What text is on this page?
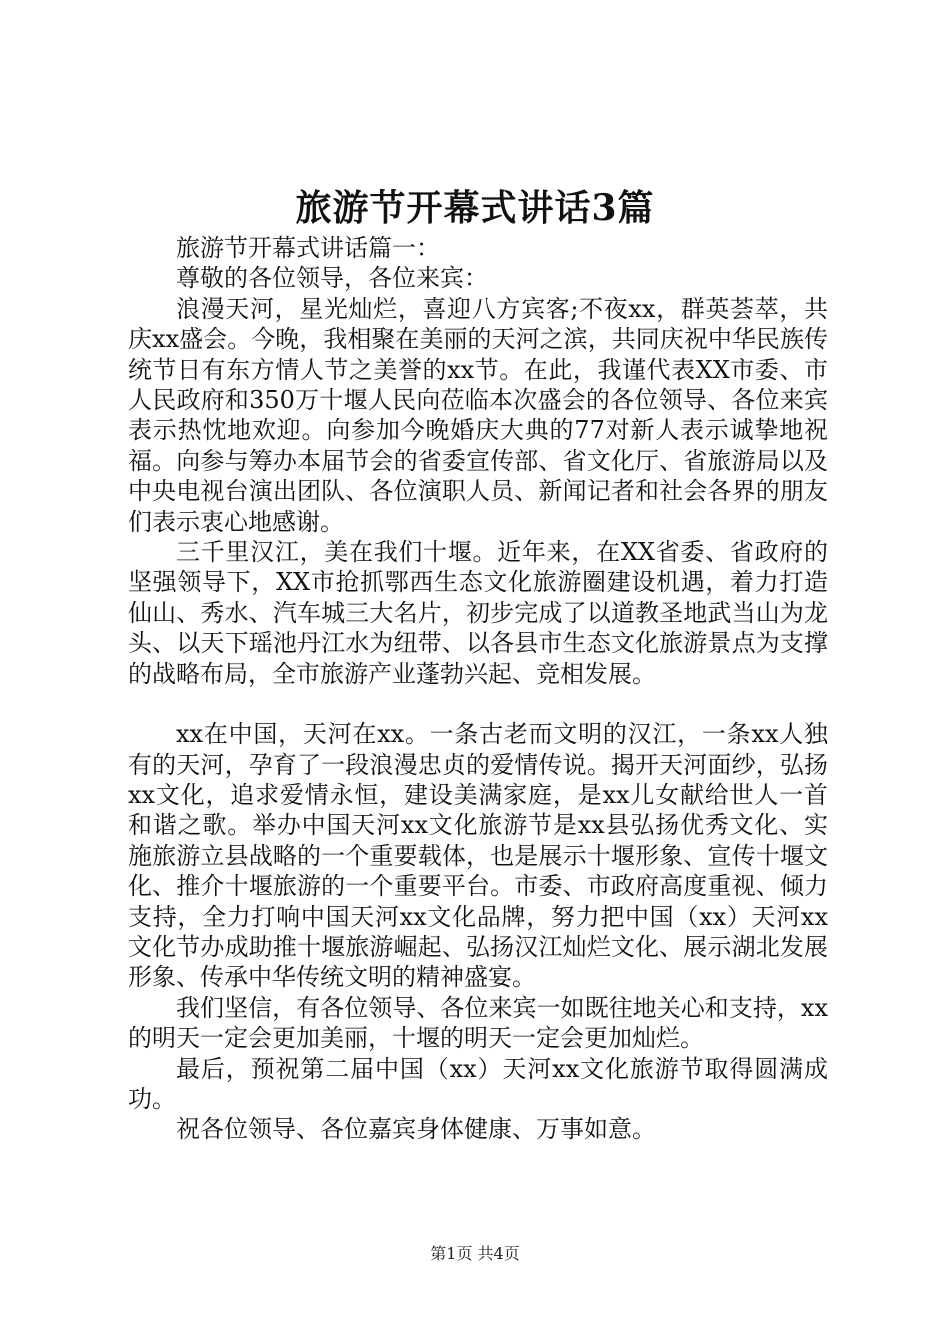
旅游节开幕式讲话3篇

旅游节开幕式讲话篇一：

尊敬的各位领导，各位来宾：

浪漫天河，星光灿烂，喜迎八方宾客;不夜xx，群英荟萃，共庆xx盛会。今晚，我相聚在美丽的天河之滨，共同庆祝中华民族传统节日有东方情人节之美誉的xx节。在此，我谨代表XX市委、市人民政府和350万十堰人民向莅临本次盛会的各位领导、各位来宾表示热忱地欢迎。向参加今晚婚庆大典的77对新人表示诚挚地祝福。向参与筹办本届节会的省委宣传部、省文化厅、省旅游局以及中央电视台演出团队、各位演职人员、新闻记者和社会各界的朋友们表示衷心地感谢。

三千里汉江，美在我们十堰。近年来，在XX省委、省政府的坚强领导下，XX市抢抓鄂西生态文化旅游圈建设机遇，着力打造仙山、秀水、汽车城三大名片，初步完成了以道教圣地武当山为龙头、以天下瑶池丹江水为纽带、以各县市生态文化旅游景点为支撑的战略布局，全市旅游产业蓬勃兴起、竞相发展。

xx在中国，天河在xx。一条古老而文明的汉江，一条xx人独有的天河，孕育了一段浪漫忠贞的爱情传说。揭开天河面纱，弘扬xx文化，追求爱情永恒，建设美满家庭，是xx儿女献给世人一首和谐之歌。举办中国天河xx文化旅游节是xx县弘扬优秀文化、实施旅游立县战略的一个重要载体，也是展示十堰形象、宣传十堰文化、推介十堰旅游的一个重要平台。市委、市政府高度重视、倾力支持，全力打响中国天河xx文化品牌，努力把中国（xx）天河xx文化节办成助推十堰旅游崛起、弘扬汉江灿烂文化、展示湖北发展形象、传承中华传统文明的精神盛宴。

我们坚信，有各位领导、各位来宾一如既往地关心和支持，xx的明天一定会更加美丽，十堰的明天一定会更加灿烂。

最后，预祝第二届中国（xx）天河xx文化旅游节取得圆满成功。

祝各位领导、各位嘉宾身体健康、万事如意。

第1页 共4页
